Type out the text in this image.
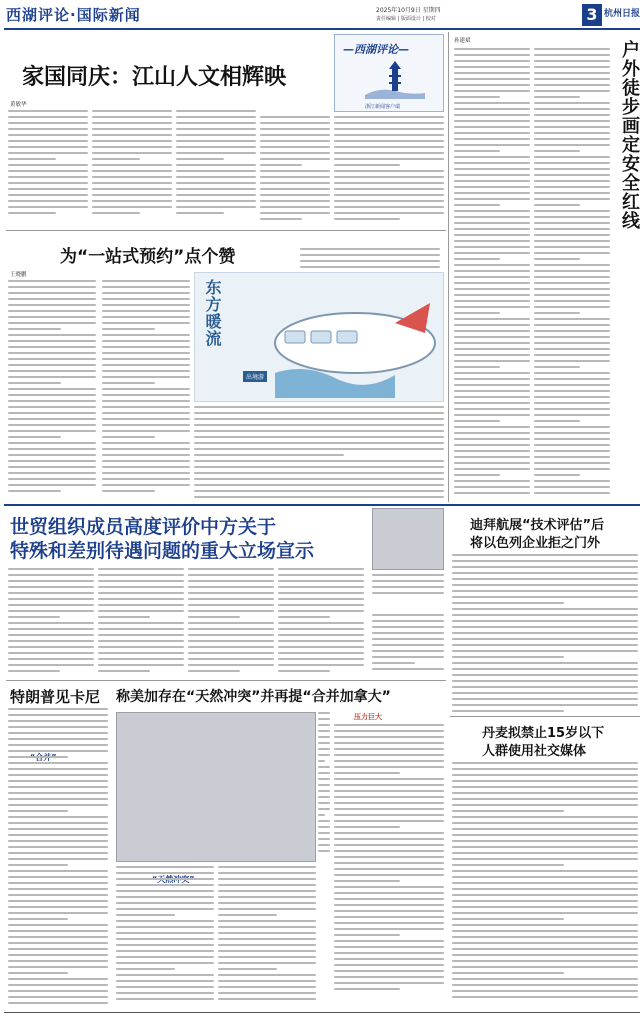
西湖评论·国际新闻	2025年10月9日 星期四
责任编辑 | 版面设计 | 校对	3 杭州日报
家国同庆：江山人文相辉映
黄敏华
—西湖评论—
浙江新闻客户端
为“一站式预约”点个赞
王晓鹏
东方暖流
出境游
孙建斌	户外徒步画定安全红线
世贸组织成员高度评价中方关于
特殊和差别待遇问题的重大立场宣示
迪拜航展“技术评估”后
将以色列企业拒之门外
特朗普见卡尼 称美加存在“天然冲突”并再提“合并加拿大”
压力巨大
丹麦拟禁止15岁以下
人群使用社交媒体
